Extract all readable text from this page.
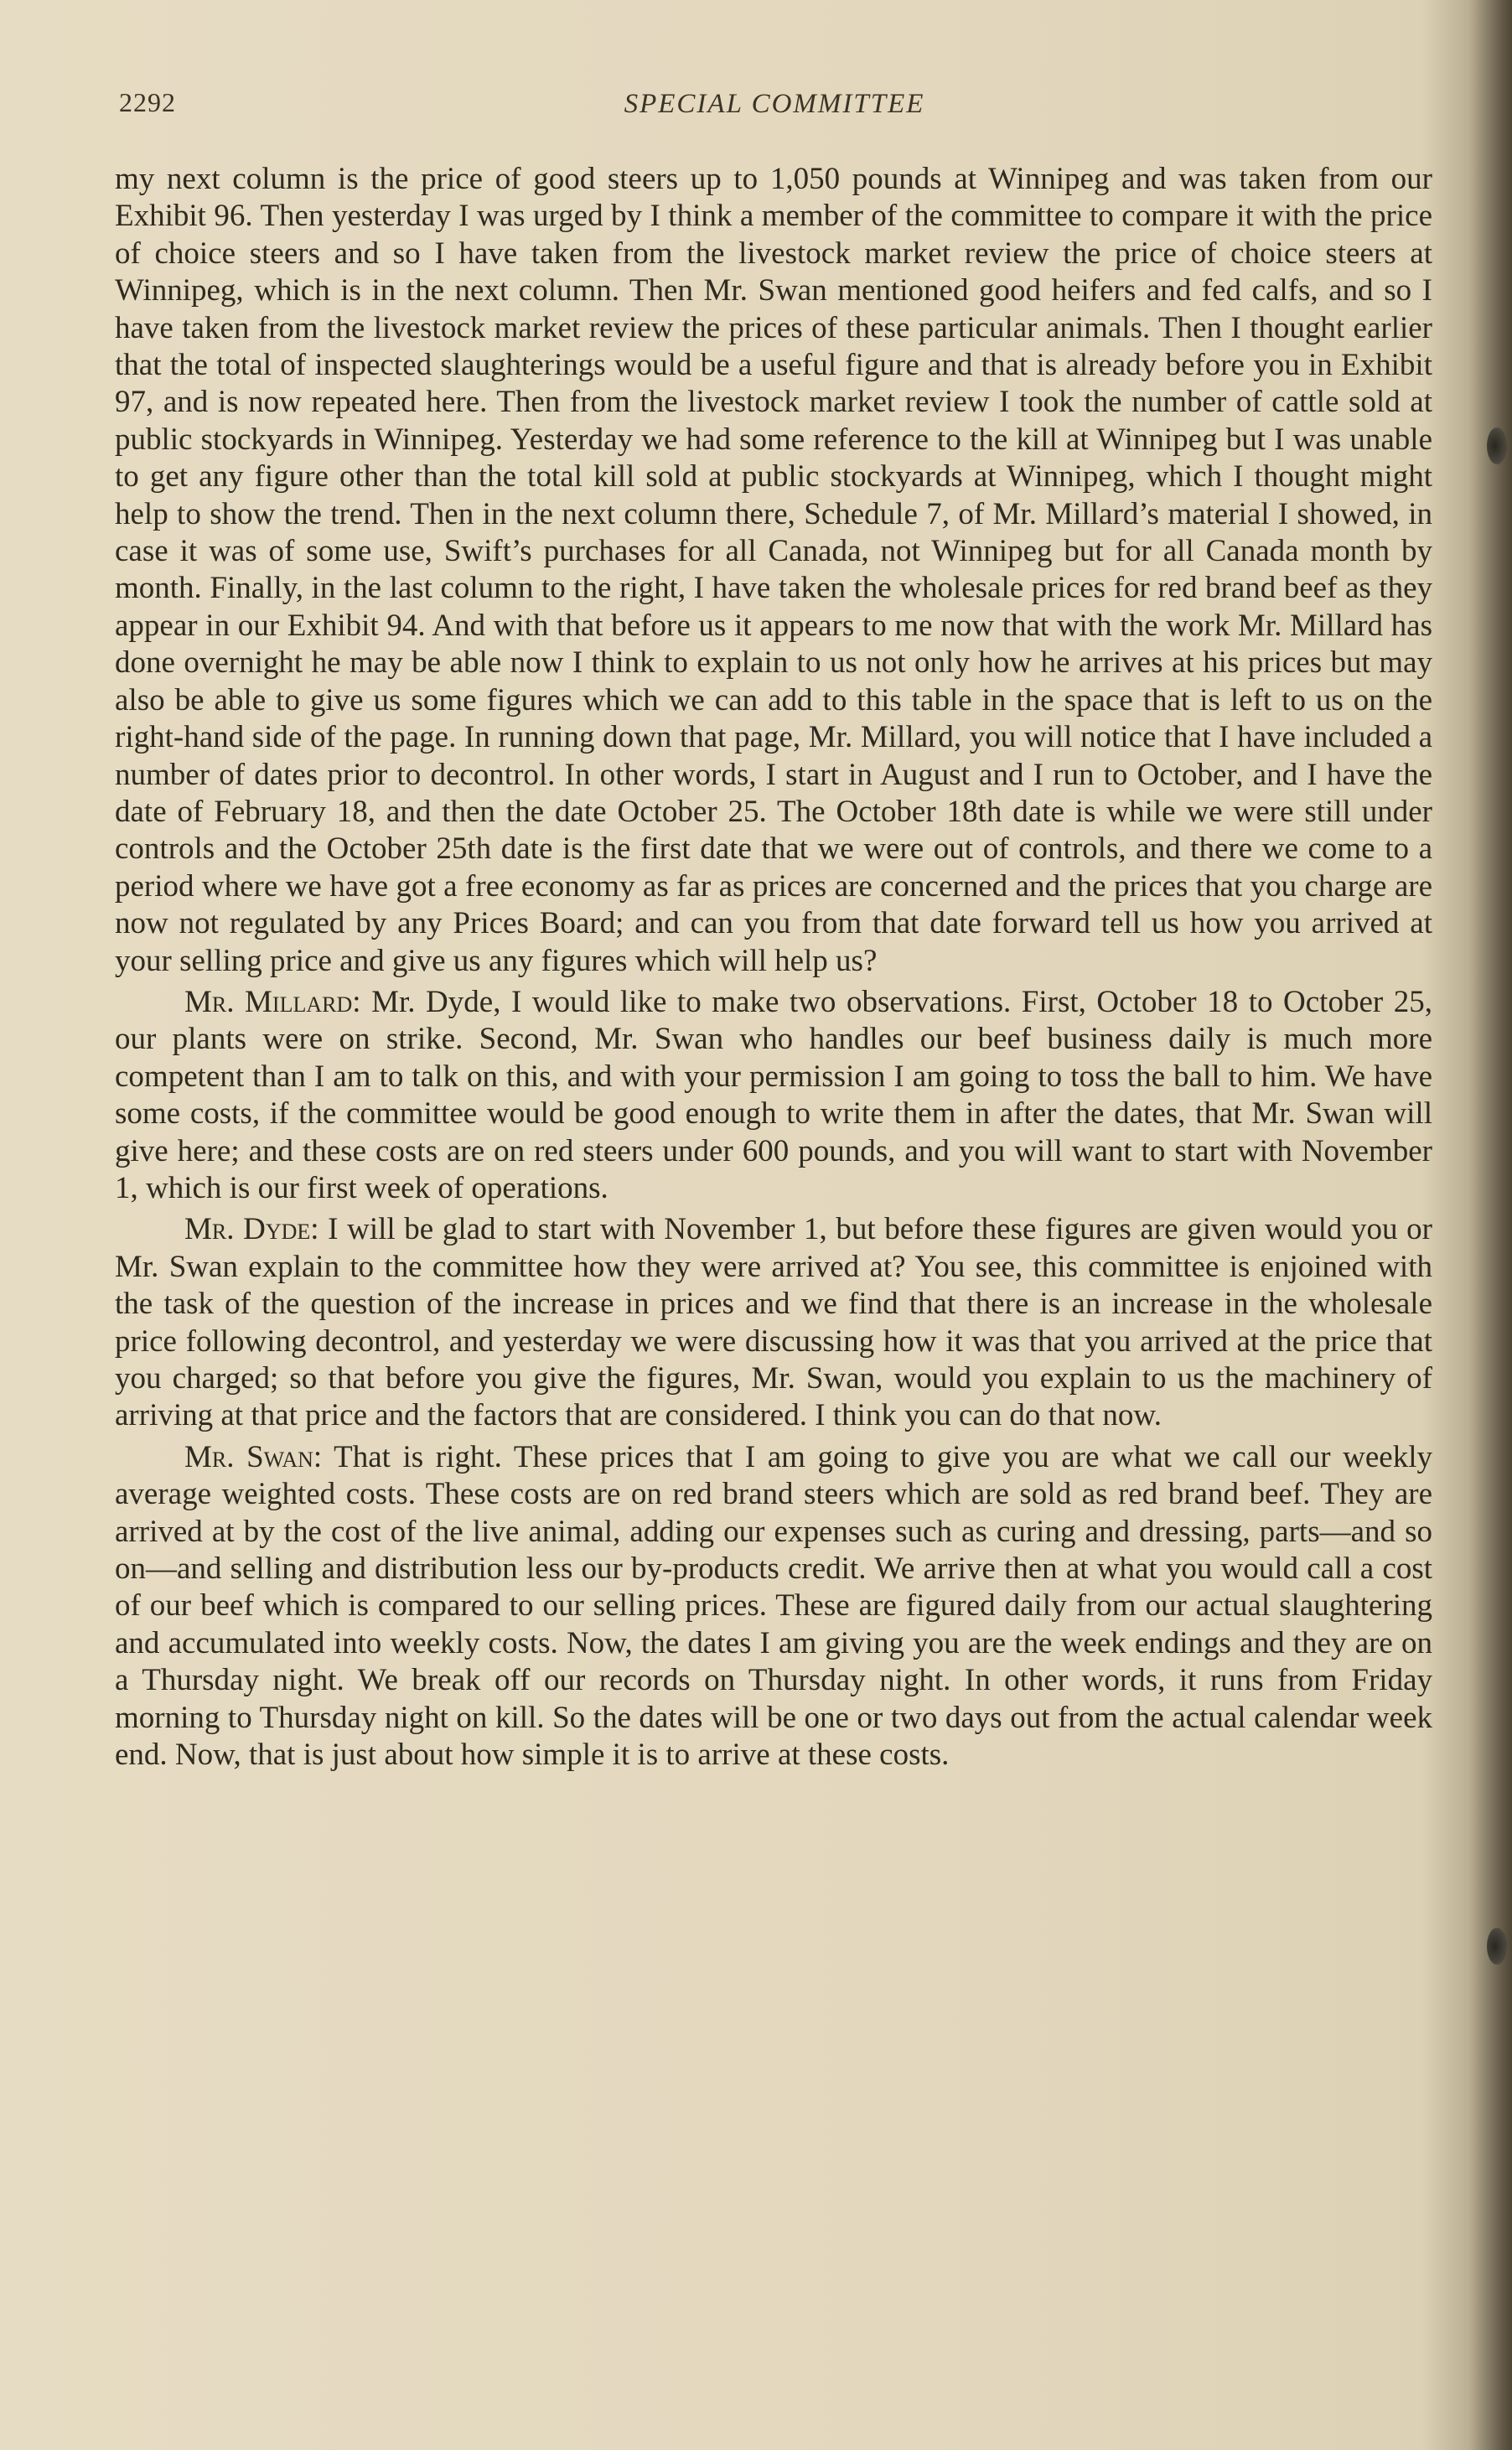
2292	SPECIAL COMMITTEE

my next column is the price of good steers up to 1,050 pounds at Winnipeg and was taken from our Exhibit 96. Then yesterday I was urged by I think a member of the committee to compare it with the price of choice steers and so I have taken from the livestock market review the price of choice steers at Winnipeg, which is in the next column. Then Mr. Swan mentioned good heifers and fed calfs, and so I have taken from the livestock market review the prices of these particular animals. Then I thought earlier that the total of inspected slaughterings would be a useful figure and that is already before you in Exhibit 97, and is now repeated here. Then from the livestock market review I took the number of cattle sold at public stockyards in Winnipeg. Yesterday we had some reference to the kill at Winnipeg but I was unable to get any figure other than the total kill sold at public stockyards at Winnipeg, which I thought might help to show the trend. Then in the next column there, Schedule 7, of Mr. Millard’s material I showed, in case it was of some use, Swift’s purchases for all Canada, not Winnipeg but for all Canada month by month. Finally, in the last column to the right, I have taken the wholesale prices for red brand beef as they appear in our Exhibit 94. And with that before us it appears to me now that with the work Mr. Millard has done overnight he may be able now I think to explain to us not only how he arrives at his prices but may also be able to give us some figures which we can add to this table in the space that is left to us on the right-hand side of the page. In running down that page, Mr. Millard, you will notice that I have included a number of dates prior to decontrol. In other words, I start in August and I run to October, and I have the date of February 18, and then the date October 25. The October 18th date is while we were still under controls and the October 25th date is the first date that we were out of controls, and there we come to a period where we have got a free economy as far as prices are concerned and the prices that you charge are now not regulated by any Prices Board; and can you from that date forward tell us how you arrived at your selling price and give us any figures which will help us?

Mr. Millard: Mr. Dyde, I would like to make two observations. First, October 18 to October 25, our plants were on strike. Second, Mr. Swan who handles our beef business daily is much more competent than I am to talk on this, and with your permission I am going to toss the ball to him. We have some costs, if the committee would be good enough to write them in after the dates, that Mr. Swan will give here; and these costs are on red steers under 600 pounds, and you will want to start with November 1, which is our first week of operations.

Mr. Dyde: I will be glad to start with November 1, but before these figures are given would you or Mr. Swan explain to the committee how they were arrived at? You see, this committee is enjoined with the task of the question of the increase in prices and we find that there is an increase in the wholesale price following decontrol, and yesterday we were discussing how it was that you arrived at the price that you charged; so that before you give the figures, Mr. Swan, would you explain to us the machinery of arriving at that price and the factors that are considered. I think you can do that now.

Mr. Swan: That is right. These prices that I am going to give you are what we call our weekly average weighted costs. These costs are on red brand steers which are sold as red brand beef. They are arrived at by the cost of the live animal, adding our expenses such as curing and dressing, parts—and so on—and selling and distribution less our by-products credit. We arrive then at what you would call a cost of our beef which is compared to our selling prices. These are figured daily from our actual slaughtering and accumulated into weekly costs. Now, the dates I am giving you are the week endings and they are on a Thursday night. We break off our records on Thursday night. In other words, it runs from Friday morning to Thursday night on kill. So the dates will be one or two days out from the actual calendar week end. Now, that is just about how simple it is to arrive at these costs.
